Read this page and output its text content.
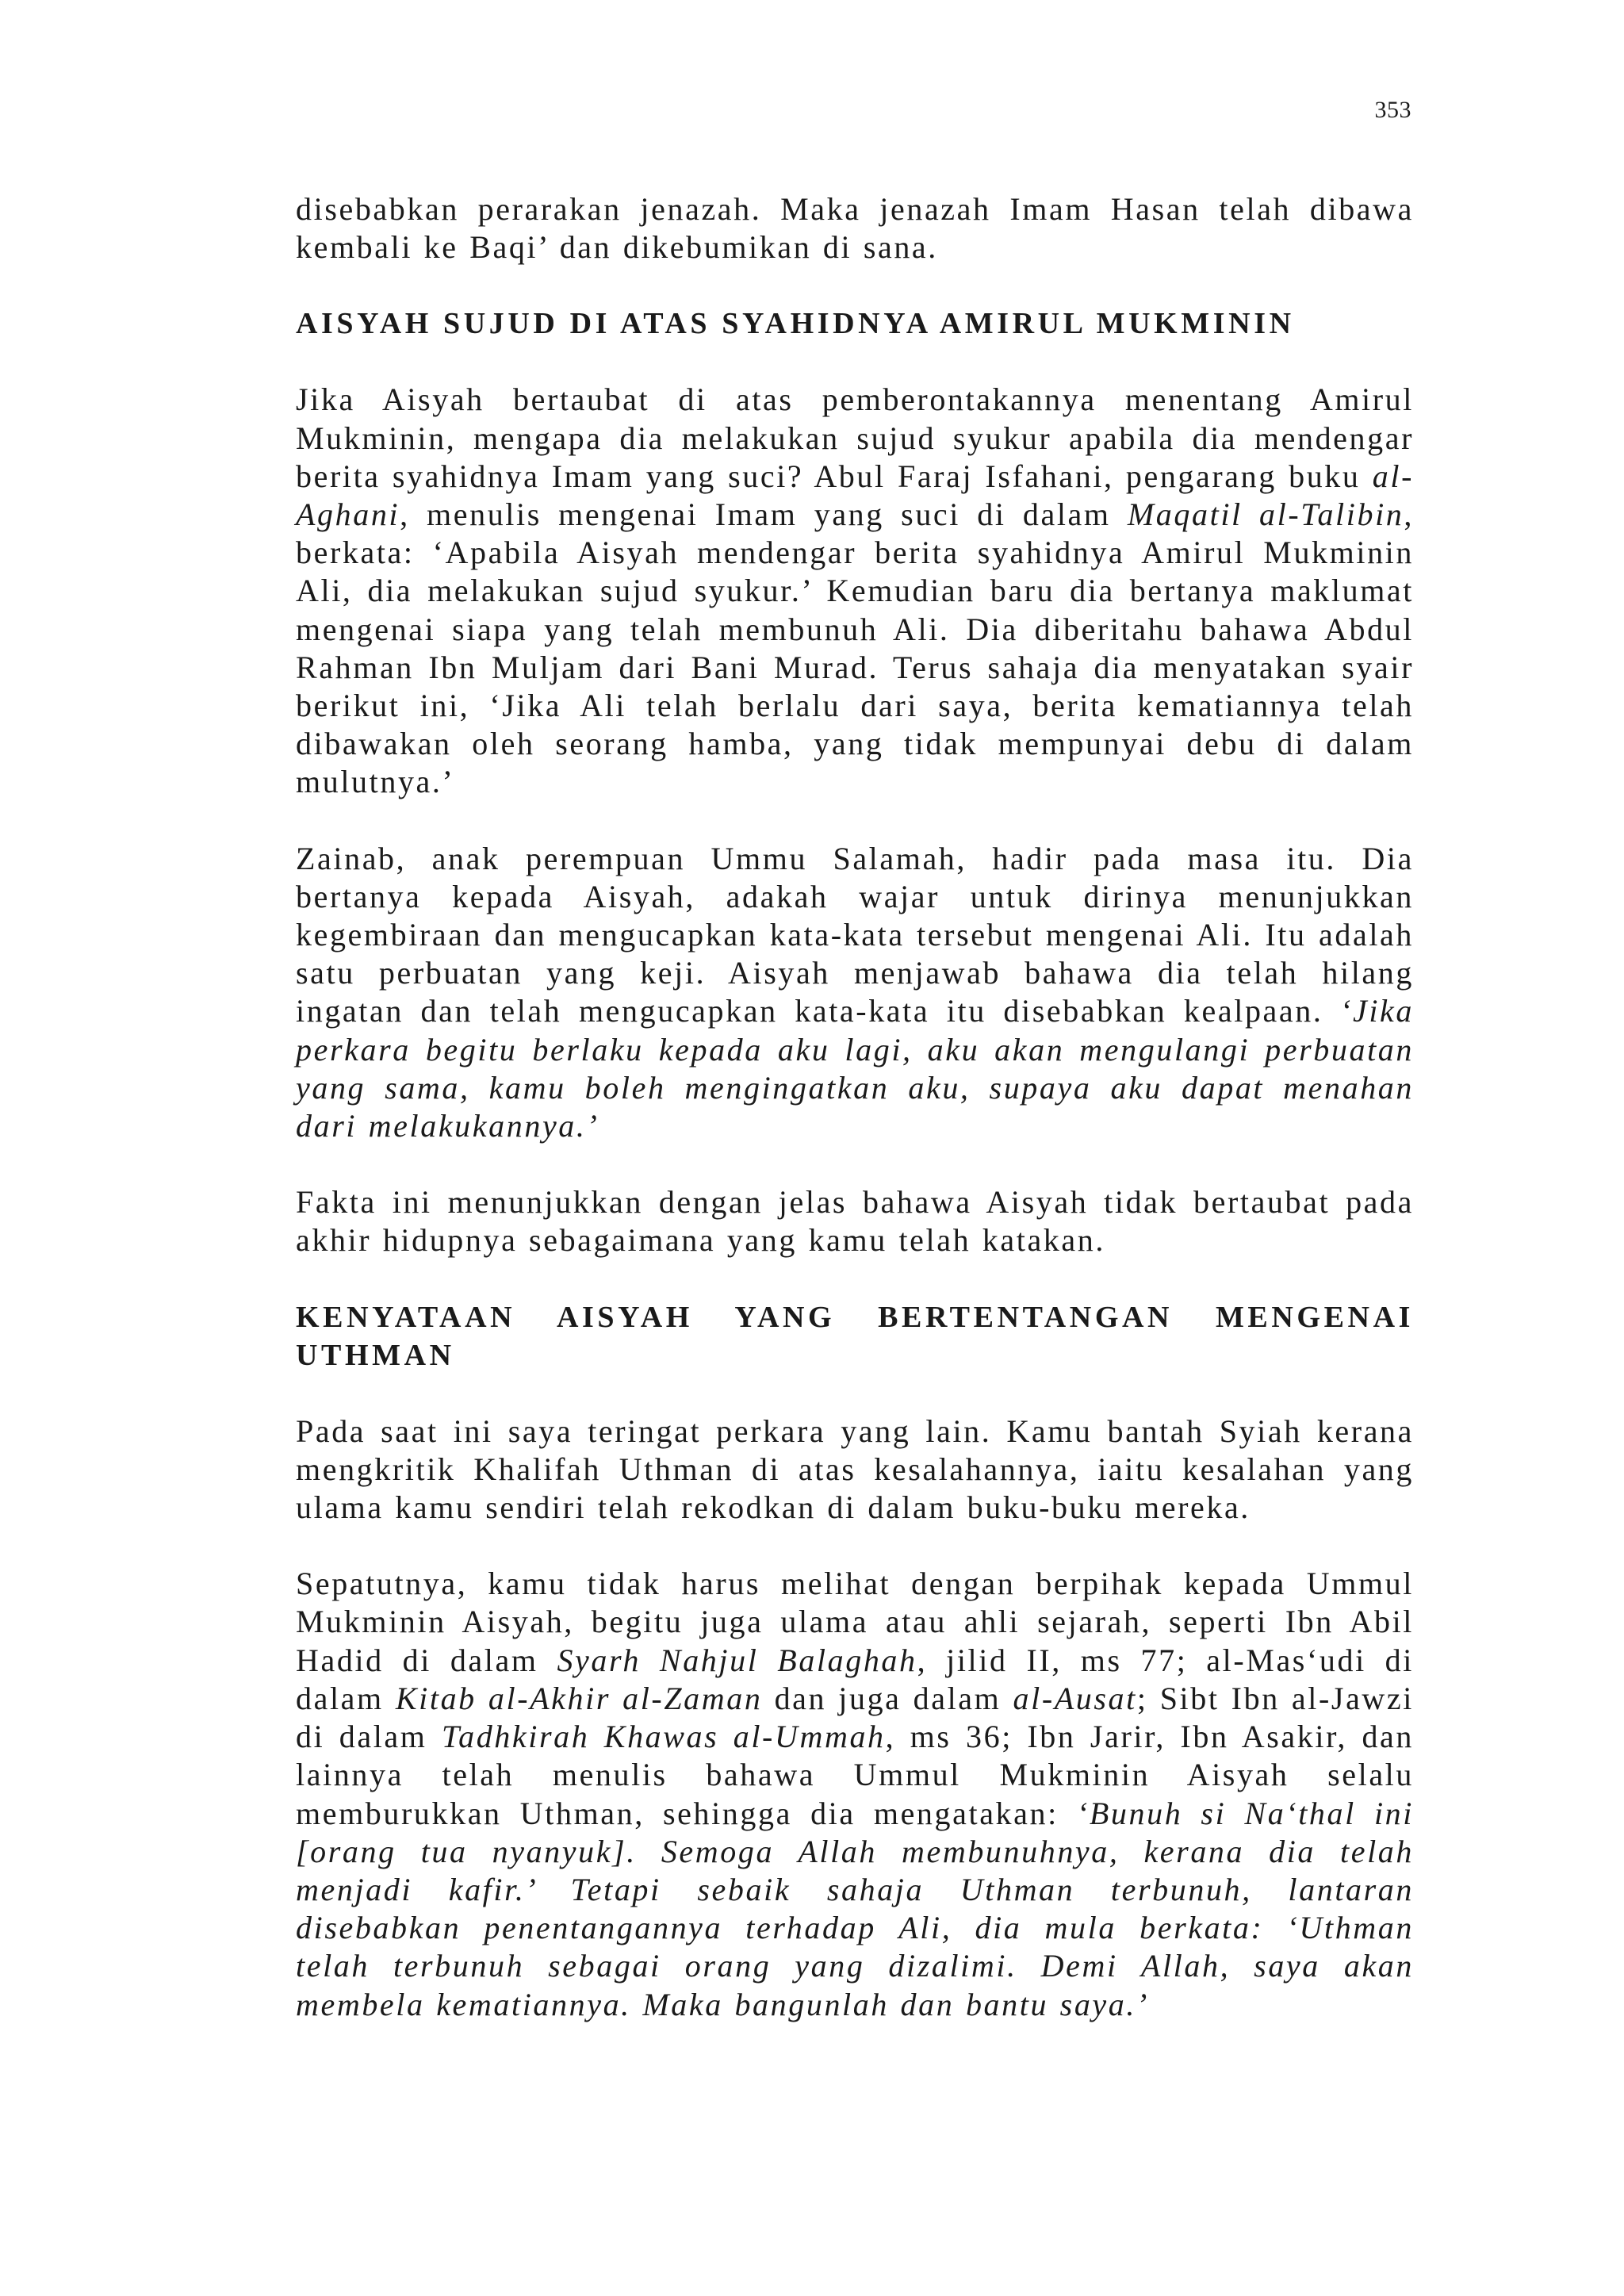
353

disebabkan perarakan jenazah. Maka jenazah Imam Hasan telah dibawa kembali ke Baqi’ dan dikebumikan di sana.

AISYAH SUJUD DI ATAS SYAHIDNYA AMIRUL MUKMININ

Jika Aisyah bertaubat di atas pemberontakannya menentang Amirul Mukminin, mengapa dia melakukan sujud syukur apabila dia mendengar berita syahidnya Imam yang suci? Abul Faraj Isfahani, pengarang buku al-Aghani, menulis mengenai Imam yang suci di dalam Maqatil al-Talibin, berkata: ‘Apabila Aisyah mendengar berita syahidnya Amirul Mukminin Ali, dia melakukan sujud syukur.’ Kemudian baru dia bertanya maklumat mengenai siapa yang telah membunuh Ali. Dia diberitahu bahawa Abdul Rahman Ibn Muljam dari Bani Murad. Terus sahaja dia menyatakan syair berikut ini, ‘Jika Ali telah berlalu dari saya, berita kematiannya telah dibawakan oleh seorang hamba, yang tidak mempunyai debu di dalam mulutnya.’

Zainab, anak perempuan Ummu Salamah, hadir pada masa itu. Dia bertanya kepada Aisyah, adakah wajar untuk dirinya menunjukkan kegembiraan dan mengucapkan kata-kata tersebut mengenai Ali. Itu adalah satu perbuatan yang keji. Aisyah menjawab bahawa dia telah hilang ingatan dan telah mengucapkan kata-kata itu disebabkan kealpaan. ‘Jika perkara begitu berlaku kepada aku lagi, aku akan mengulangi perbuatan yang sama, kamu boleh mengingatkan aku, supaya aku dapat menahan dari melakukannya.’

Fakta ini menunjukkan dengan jelas bahawa Aisyah tidak bertaubat pada akhir hidupnya sebagaimana yang kamu telah katakan.

KENYATAAN AISYAH YANG BERTENTANGAN MENGENAI UTHMAN

Pada saat ini saya teringat perkara yang lain. Kamu bantah Syiah kerana mengkritik Khalifah Uthman di atas kesalahannya, iaitu kesalahan yang ulama kamu sendiri telah rekodkan di dalam buku-buku mereka.

Sepatutnya, kamu tidak harus melihat dengan berpihak kepada Ummul Mukminin Aisyah, begitu juga ulama atau ahli sejarah, seperti Ibn Abil Hadid di dalam Syarh Nahjul Balaghah, jilid II, ms 77; al-Mas‘udi di dalam Kitab al-Akhir al-Zaman dan juga dalam al-Ausat; Sibt Ibn al-Jawzi di dalam Tadhkirah Khawas al-Ummah, ms 36; Ibn Jarir, Ibn Asakir, dan lainnya telah menulis bahawa Ummul Mukminin Aisyah selalu memburukkan Uthman, sehingga dia mengatakan: ‘Bunuh si Na‘thal ini [orang tua nyanyuk]. Semoga Allah membunuhnya, kerana dia telah menjadi kafir.’ Tetapi sebaik sahaja Uthman terbunuh, lantaran disebabkan penentangannya terhadap Ali, dia mula berkata: ‘Uthman telah terbunuh sebagai orang yang dizalimi. Demi Allah, saya akan membela kematiannya. Maka bangunlah dan bantu saya.’
